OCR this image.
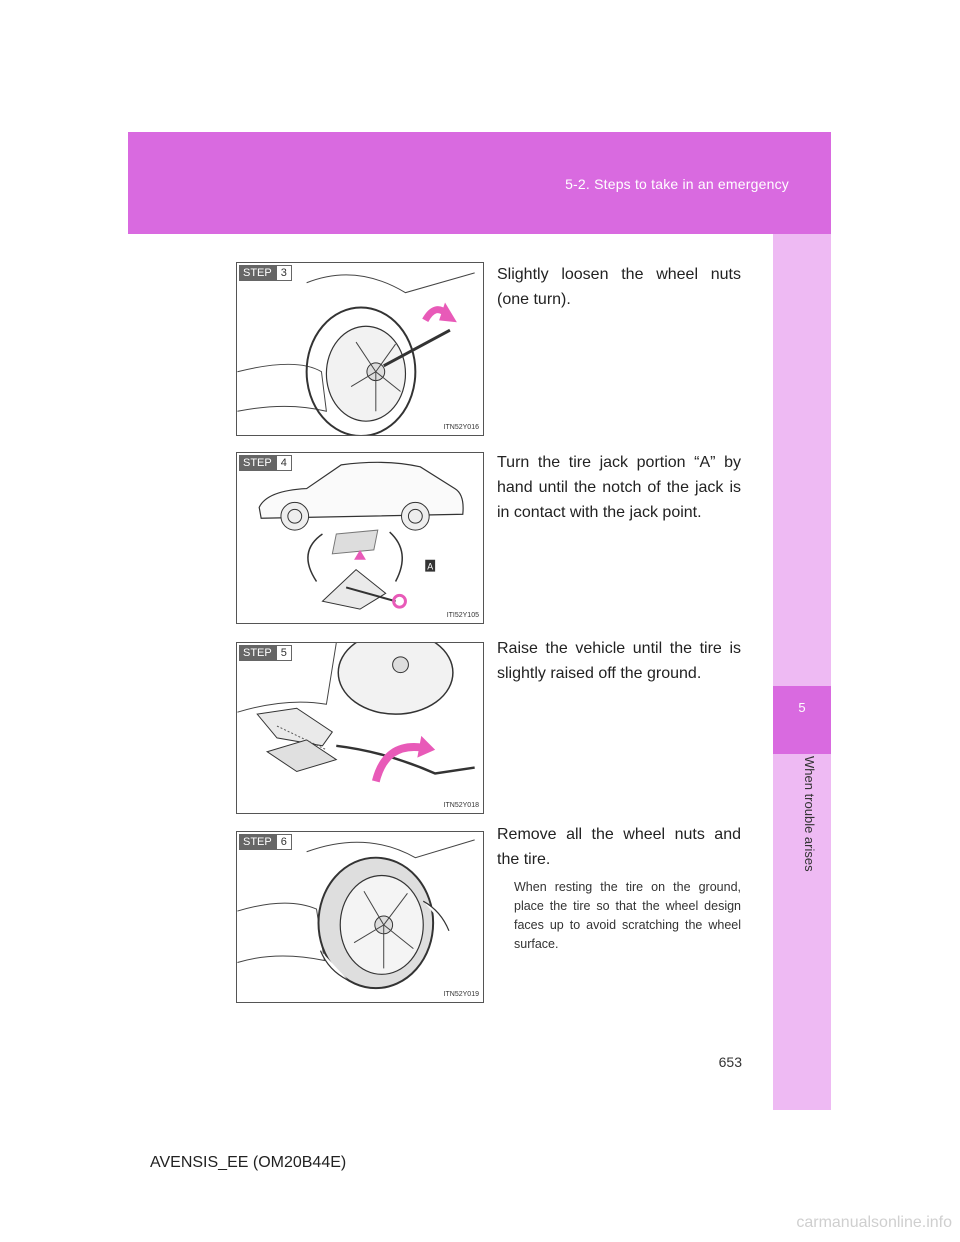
5-2. Steps to take in an emergency
5
When trouble arises
STEP 3
ITN52Y016
Slightly loosen the wheel nuts (one turn).
A
STEP 4
ITI52Y105
Turn the tire jack portion “A” by hand until the notch of the jack is in contact with the jack point.
STEP 5
ITN52Y018
Raise the vehicle until the tire is slightly raised off the ground.
STEP 6
ITN52Y019
Remove all the wheel nuts and the tire.
When resting the tire on the ground, place the tire so that the wheel design faces up to avoid scratching the wheel surface.
653
AVENSIS_EE (OM20B44E)
carmanualsonline.info
